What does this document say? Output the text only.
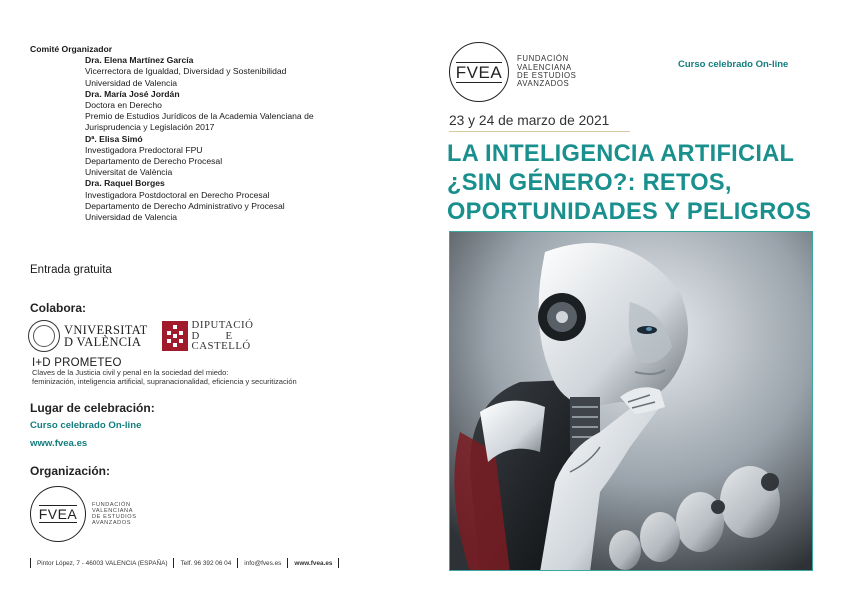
Comité Organizador
Dra. Elena Martínez García
Vicerrectora de Igualdad, Diversidad y Sostenibilidad
Universidad de Valencia
Dra. María José Jordán
Doctora en Derecho
Premio de Estudios Jurídicos de la Academia Valenciana de
Jurisprudencia y Legislación 2017
Dª. Elisa Simó
Investigadora Predoctoral FPU
Departamento de Derecho Procesal
Universitat de València
Dra. Raquel Borges
Investigadora Postdoctoral en Derecho Procesal
Departamento de Derecho Administrativo y Procesal
Universidad de Valencia
Entrada gratuita
Colabora:
VNIVERSITAT
D VALÈNCIA
DIPUTACIÓ
D        E
CASTELLÓ
I+D PROMETEO
Claves de la Justicia civil y penal en la sociedad del miedo:
feminización, inteligencia artificial, supranacionalidad, eficiencia y securitización
Lugar de celebración:
Curso celebrado On-line
www.fvea.es
Organización:
FVEA
FUNDACIÓN
VALENCIANA
DE ESTUDIOS
AVANZADOS
Pintor López, 7 - 46003 VALENCIA (ESPAÑA) Telf. 96 392 06 04 info@fves.es www.fvea.es
FVEA
FUNDACIÓN
VALENCIANA
DE ESTUDIOS
AVANZADOS
Curso celebrado On-line
23 y 24 de marzo de 2021
LA INTELIGENCIA ARTIFICIAL
¿SIN GÉNERO?: RETOS,
OPORTUNIDADES Y PELIGROS
